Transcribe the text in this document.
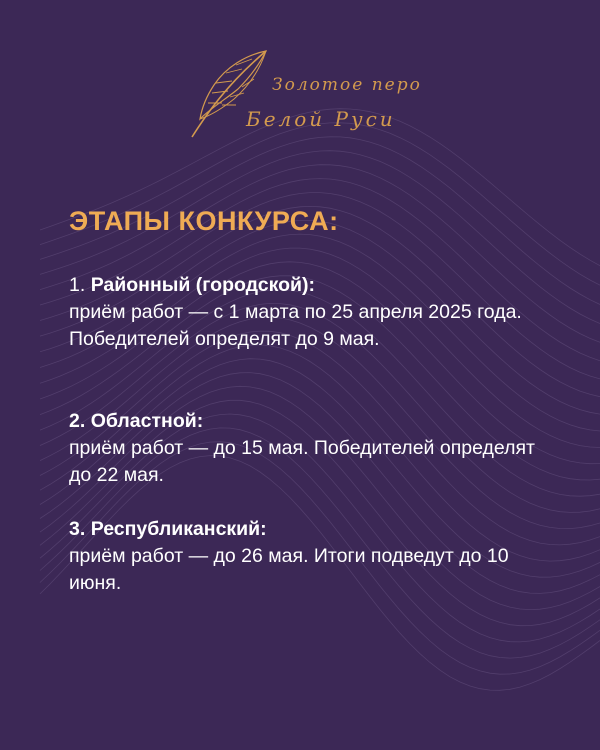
Золотое перо
Белой Руси
ЭТАПЫ КОНКУРСА:
1. Районный (городской):
приём работ — с 1 марта по 25 апреля 2025 года. Победителей определят до 9 мая.
2. Областной:
приём работ — до 15 мая. Победителей определят до 22 мая.
3. Республиканский:
приём работ — до 26 мая. Итоги подведут до 10 июня.
